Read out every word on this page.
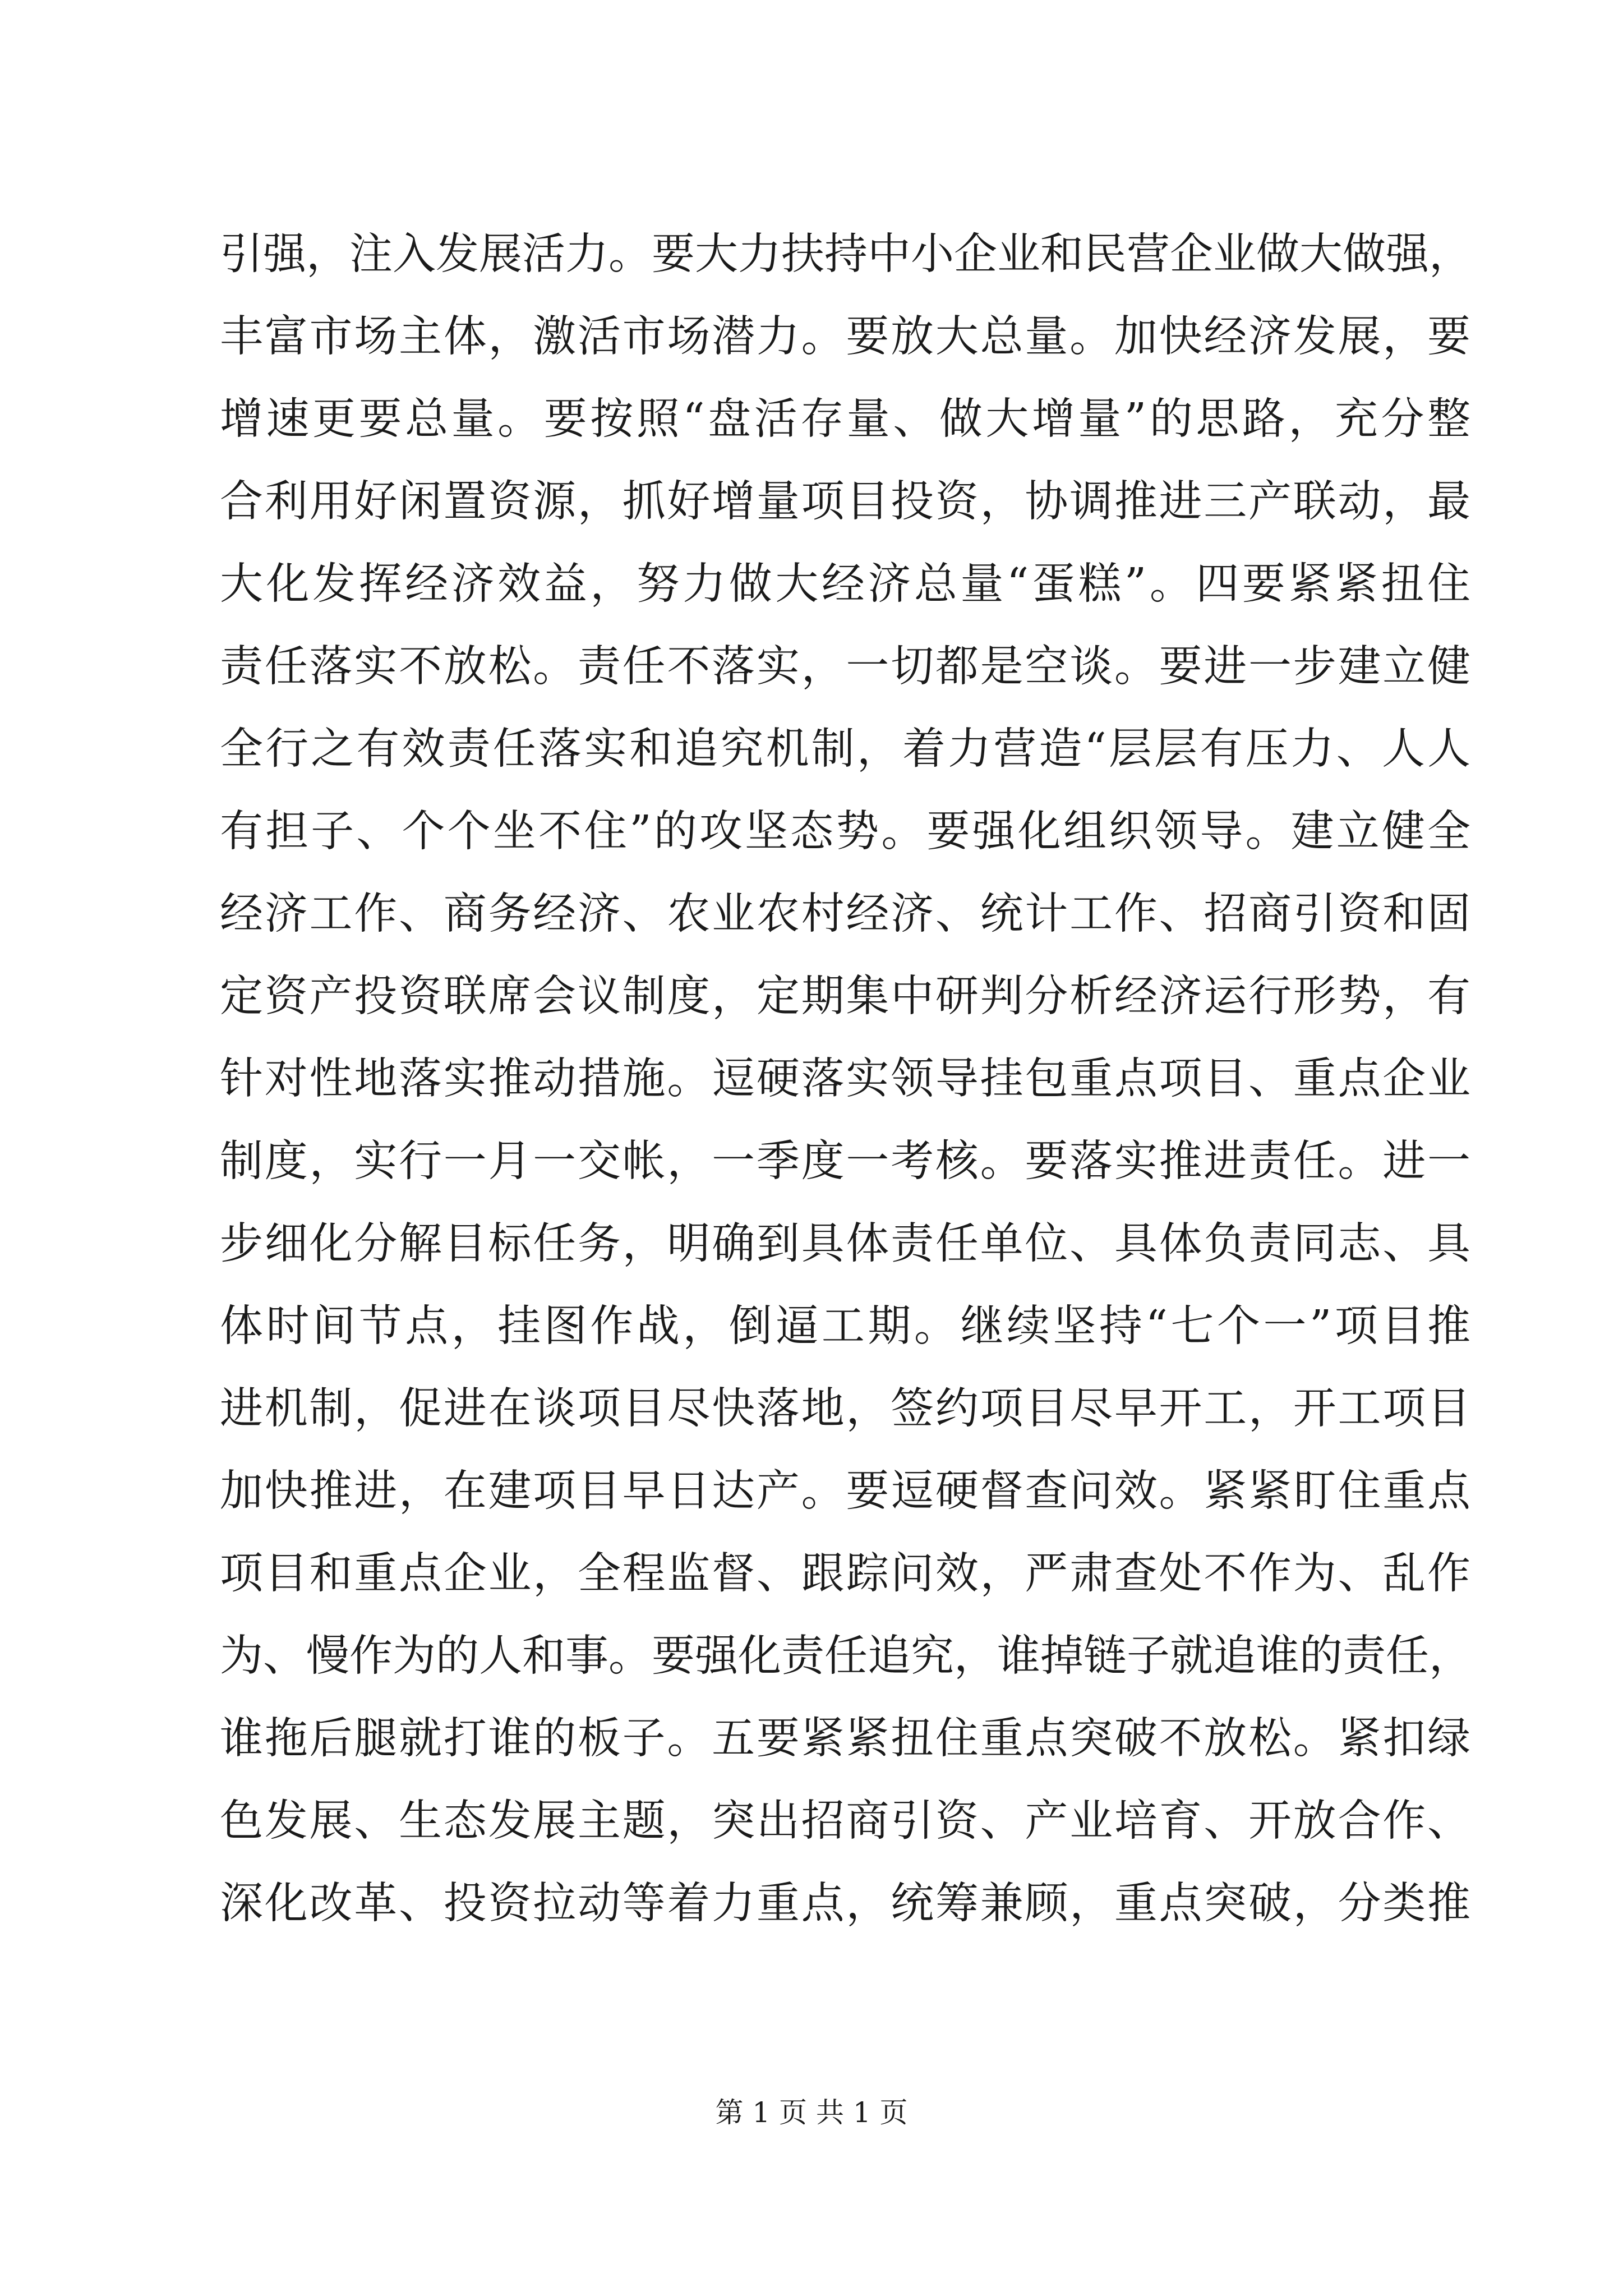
引强，注入发展活力。要大力扶持中小企业和民营企业做大做强，
丰富市场主体，激活市场潜力。要放大总量。加快经济发展，要
增速更要总量。要按照“盘活存量、做大增量”的思路，充分整
合利用好闲置资源，抓好增量项目投资，协调推进三产联动，最
大化发挥经济效益，努力做大经济总量“蛋糕”。四要紧紧扭住
责任落实不放松。责任不落实，一切都是空谈。要进一步建立健
全行之有效责任落实和追究机制，着力营造“层层有压力、人人
有担子、个个坐不住”的攻坚态势。要强化组织领导。建立健全
经济工作、商务经济、农业农村经济、统计工作、招商引资和固
定资产投资联席会议制度，定期集中研判分析经济运行形势，有
针对性地落实推动措施。逗硬落实领导挂包重点项目、重点企业
制度，实行一月一交帐，一季度一考核。要落实推进责任。进一
步细化分解目标任务，明确到具体责任单位、具体负责同志、具
体时间节点，挂图作战，倒逼工期。继续坚持“七个一”项目推
进机制，促进在谈项目尽快落地，签约项目尽早开工，开工项目
加快推进，在建项目早日达产。要逗硬督查问效。紧紧盯住重点
项目和重点企业，全程监督、跟踪问效，严肃查处不作为、乱作
为、慢作为的人和事。要强化责任追究，谁掉链子就追谁的责任，
谁拖后腿就打谁的板子。五要紧紧扭住重点突破不放松。紧扣绿
色发展、生态发展主题，突出招商引资、产业培育、开放合作、
深化改革、投资拉动等着力重点，统筹兼顾，重点突破，分类推
第 1 页 共 1 页
